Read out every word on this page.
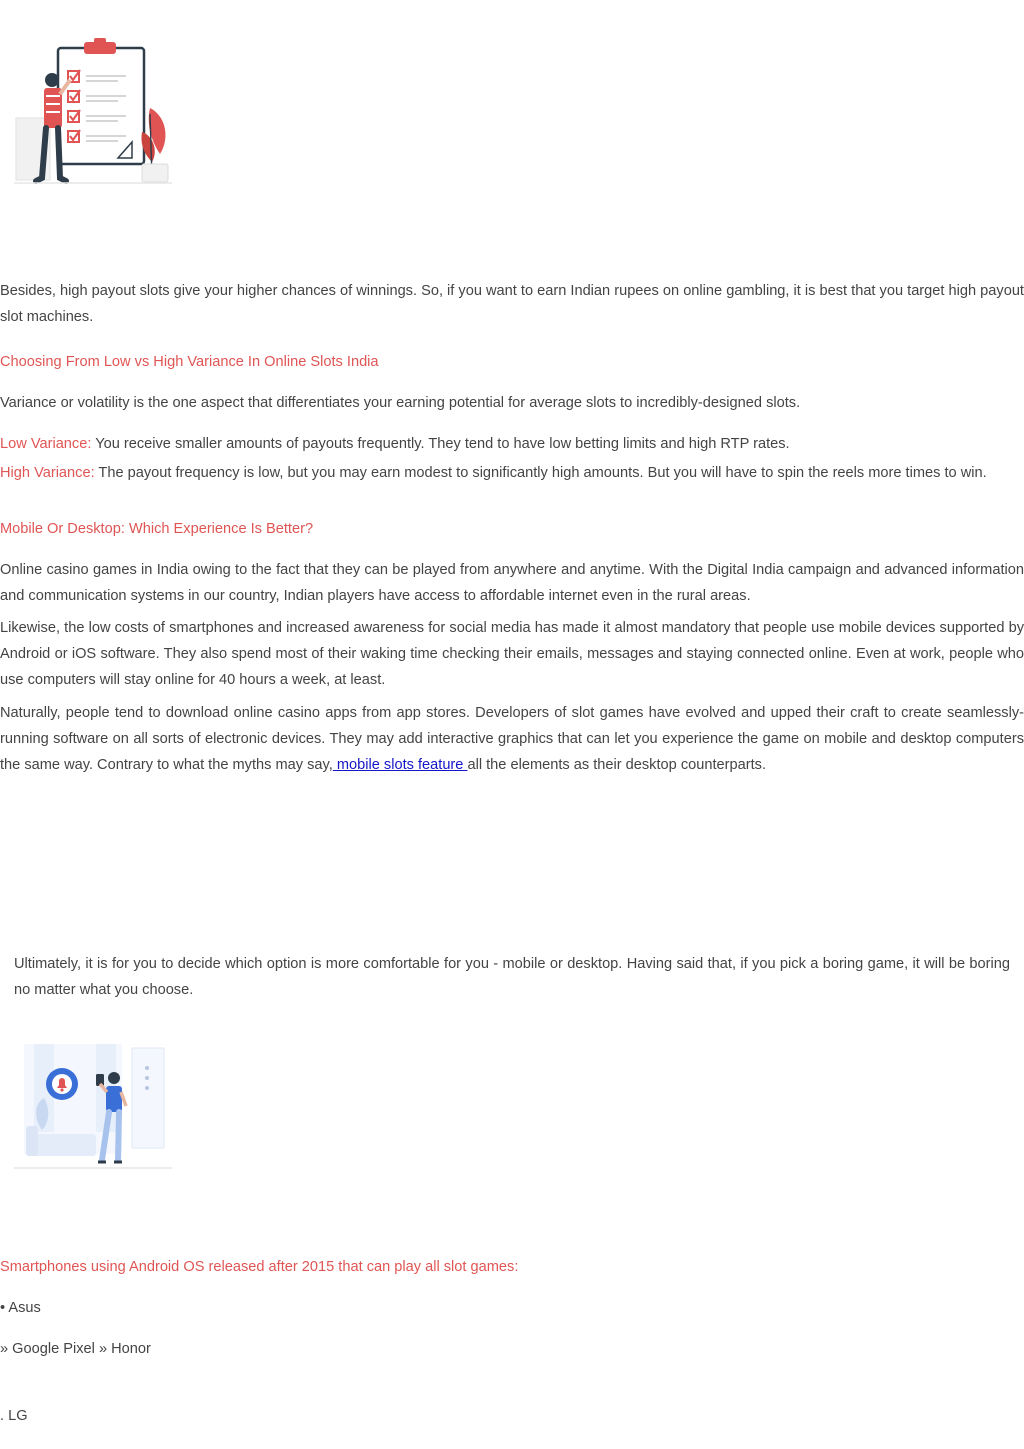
Besides, high payout slots give your higher chances of winnings. So, if you want to earn Indian rupees on online gambling, it is best that you target high payout slot machines.

Choosing From Low vs High Variance In Online Slots India

Variance or volatility is the one aspect that differentiates your earning potential for average slots to incredibly-designed slots.

Low Variance: You receive smaller amounts of payouts frequently. They tend to have low betting limits and high RTP rates.

High Variance: The payout frequency is low, but you may earn modest to significantly high amounts. But you will have to spin the reels more times to win.

Mobile Or Desktop: Which Experience Is Better?

Online casino games in India owing to the fact that they can be played from anywhere and anytime. With the Digital India campaign and advanced information and communication systems in our country, Indian players have access to affordable internet even in the rural areas.

Likewise, the low costs of smartphones and increased awareness for social media has made it almost mandatory that people use mobile devices supported by Android or iOS software. They also spend most of their waking time checking their emails, messages and staying connected online. Even at work, people who use computers will stay online for 40 hours a week, at least.

Naturally, people tend to download online casino apps from app stores. Developers of slot games have evolved and upped their craft to create seamlessly-running software on all sorts of electronic devices. They may add interactive graphics that can let you experience the game on mobile and desktop computers the same way. Contrary to what the myths may say, mobile slots feature all the elements as their desktop counterparts.

Ultimately, it is for you to decide which option is more comfortable for you - mobile or desktop. Having said that, if you pick a boring game, it will be boring no matter what you choose.

Smartphones using Android OS released after 2015 that can play all slot games:

• Asus

» Google Pixel » Honor

. LG
